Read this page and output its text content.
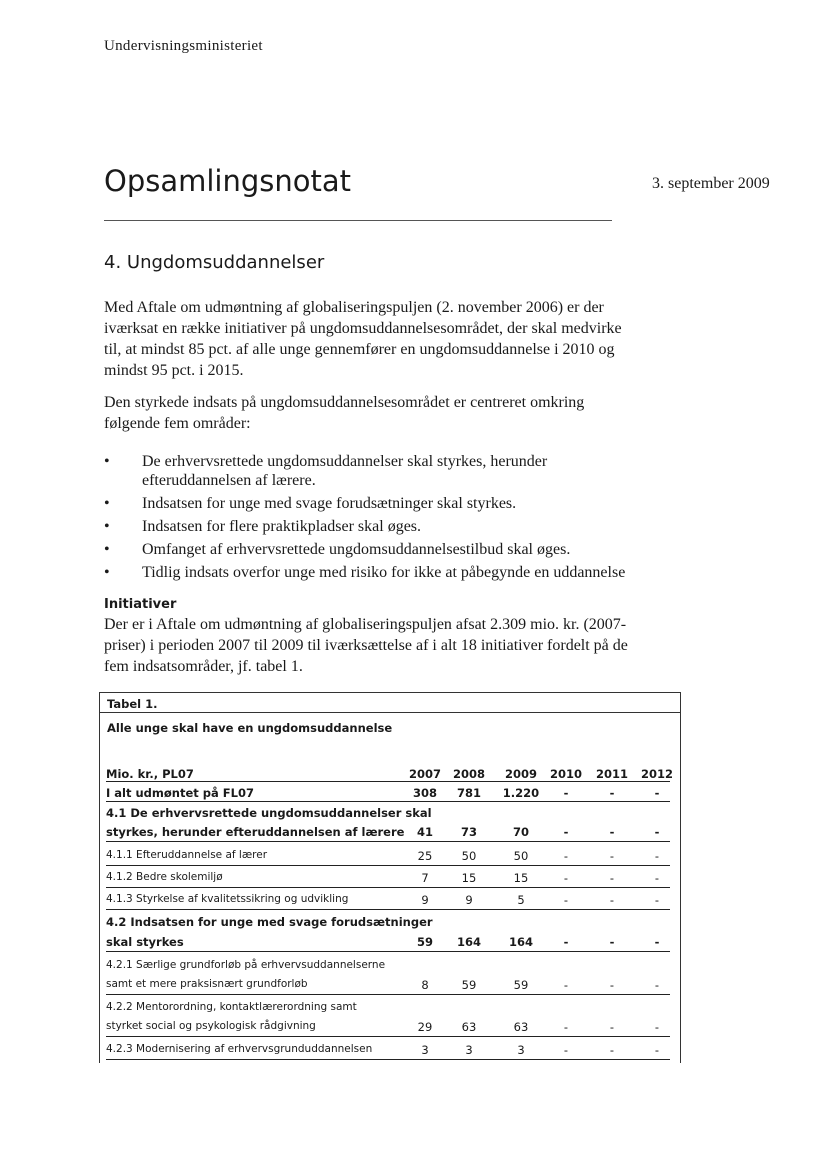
Undervisningsministeriet
Opsamlingsnotat	3. september 2009
4. Ungdomsuddannelser

Med Aftale om udmøntning af globaliseringspuljen (2. november 2006) er der iværksat en række initiativer på ungdomsuddannelsesområdet, der skal medvirke til, at mindst 85 pct. af alle unge gennemfører en ungdomsuddannelse i 2010 og mindst 95 pct. i 2015.

Den styrkede indsats på ungdomsuddannelsesområdet er centreret omkring følgende fem områder:

• De erhvervsrettede ungdomsuddannelser skal styrkes, herunder efteruddannelsen af lærere.
• Indsatsen for unge med svage forudsætninger skal styrkes.
• Indsatsen for flere praktikpladser skal øges.
• Omfanget af erhvervsrettede ungdomsuddannelsestilbud skal øges.
• Tidlig indsats overfor unge med risiko for ikke at påbegynde en uddannelse
Initiativer

Der er i Aftale om udmøntning af globaliseringspuljen afsat 2.309 mio. kr. (2007-priser) i perioden 2007 til 2009 til iværksættelse af i alt 18 initiativer fordelt på de fem indsatsområder, jf. tabel 1.

Tabel 1.
Alle unge skal have en ungdomsuddannelse
Mio. kr., PL07	2007	2008	2009	2010	2011	2012
I alt udmøntet på FL07	308	781	1.220	-	-	-
4.1 De erhvervsrettede ungdomsuddannelser skal
styrkes, herunder efteruddannelsen af lærere	41	73	70	-	-	-
4.1.1 Efteruddannelse af lærer	25	50	50	-	-	-
4.1.2 Bedre skolemiljø	7	15	15	-	-	-
4.1.3 Styrkelse af kvalitetssikring og udvikling	9	9	5	-	-	-
4.2 Indsatsen for unge med svage forudsætninger
skal styrkes	59	164	164	-	-	-
4.2.1 Særlige grundforløb på erhvervsuddannelserne
samt et mere praksisnært grundforløb	8	59	59	-	-	-
4.2.2 Mentorordning, kontaktlærerordning samt
styrket social og psykologisk rådgivning	29	63	63	-	-	-
4.2.3 Modernisering af erhvervsgrunduddannelsen	3	3	3	-	-	-
